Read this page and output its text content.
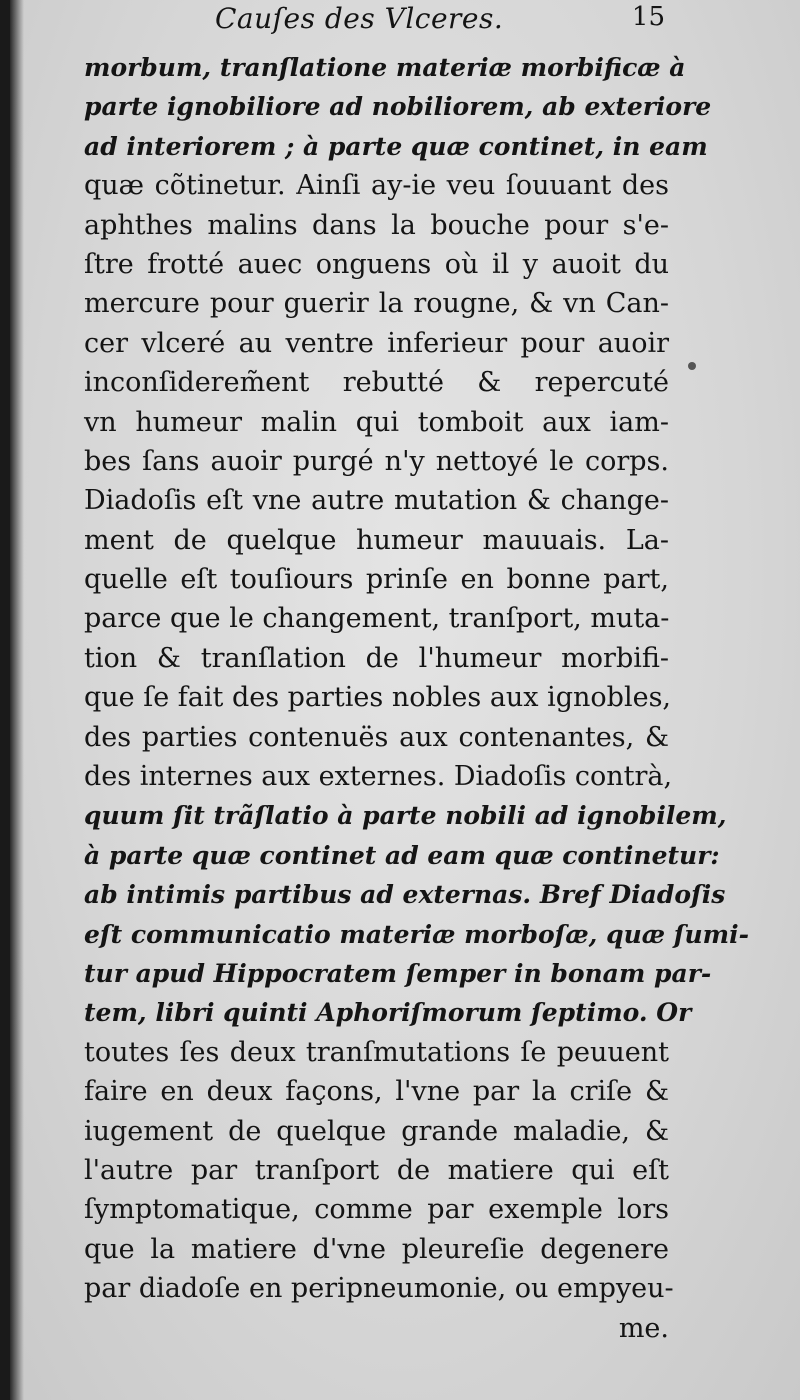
Cauſes des Vlceres.	15
morbum, tranſlatione materiæ morbificæ à
parte ignobiliore ad nobiliorem, ab exteriore
ad interiorem ; à parte quæ continet, in eam
quæ cõtinetur. Ainſi ay-ie veu ſouuant des
aphthes malins dans la bouche pour s'e-
ſtre frotté auec onguens où il y auoit du
mercure pour guerir la rougne, & vn Can-
cer vlceré au ventre inferieur pour auoir
inconſiderem̃ent rebutté & repercuté
vn humeur malin qui tomboit aux iam-
bes ſans auoir purgé n'y nettoyé le corps.
Diadoſis eſt vne autre mutation & change-
ment de quelque humeur mauuais. La-
quelle eſt touſiours prinſe en bonne part,
parce que le changement, tranſport, muta-
tion & tranſlation de l'humeur morbifi-
que ſe fait des parties nobles aux ignobles,
des parties contenuës aux contenantes, &
des internes aux externes. Diadoſis contrà,
quum ſit trãſlatio à parte nobili ad ignobilem,
à parte quæ continet ad eam quæ continetur:
ab intimis partibus ad externas. Bref Diadoſis
eſt communicatio materiæ morboſæ, quæ ſumi-
tur apud Hippocratem ſemper in bonam par-
tem, libri quinti Aphoriſmorum ſeptimo. Or
toutes ſes deux tranſmutations ſe peuuent
faire en deux façons, l'vne par la criſe &
iugement de quelque grande maladie, &
l'autre par tranſport de matiere qui eſt
ſymptomatique, comme par exemple lors
que la matiere d'vne pleureſie degenere
par diadoſe en peripneumonie, ou empyeu-
me.
